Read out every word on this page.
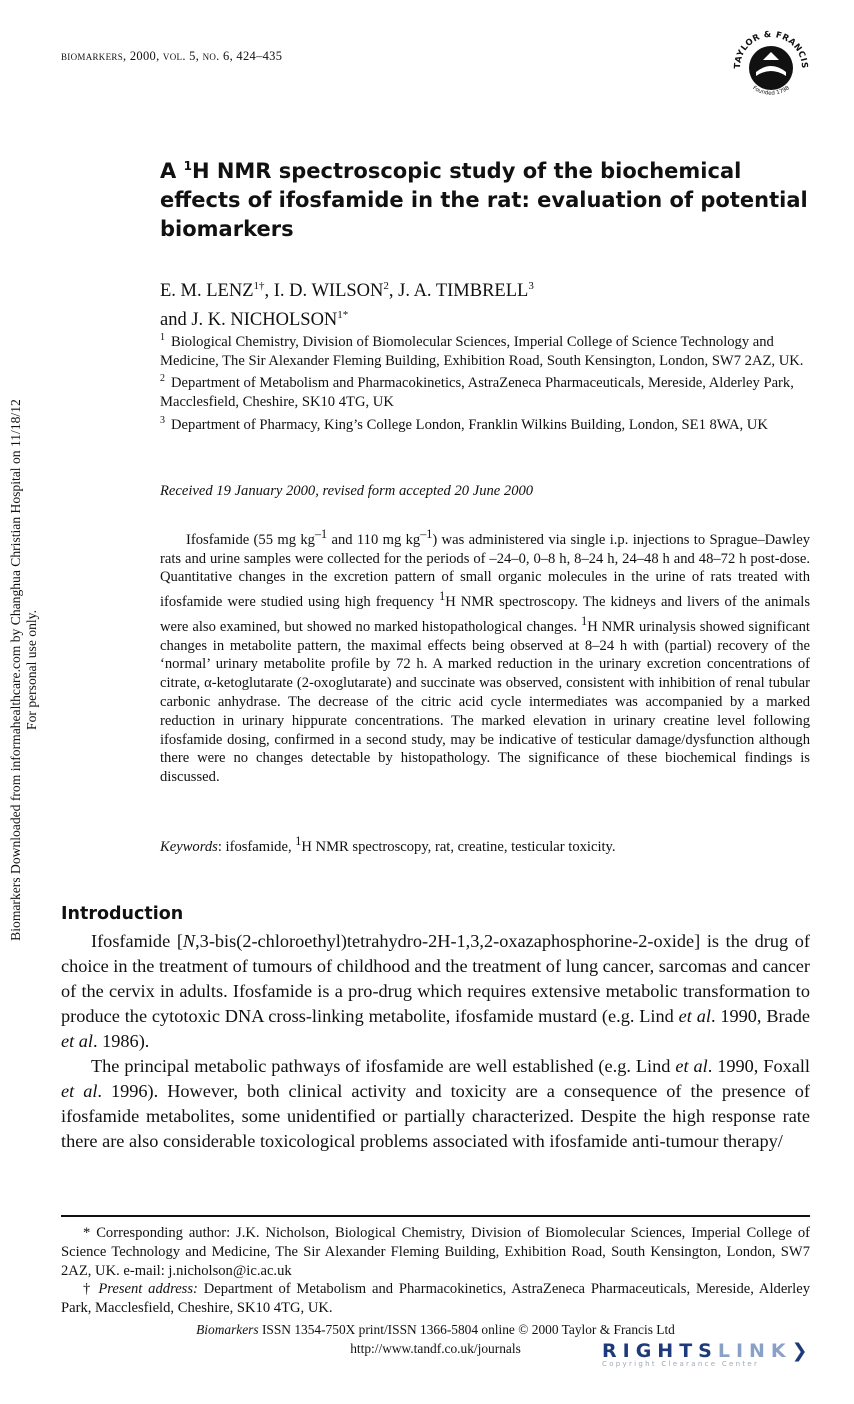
biomarkers, 2000, vol. 5, no. 6, 424–435
TAYLOR & FRANCIS
Founded 1798
Biomarkers Downloaded from informahealthcare.com by Changhua Christian Hospital on 11/18/12 For personal use only.
A $^1$H NMR spectroscopic study of the biochemical effects of ifosfamide in the rat: evaluation of potential biomarkers
E. M. $LENZ^{1\dagger}$, I. D. WILSON$^2$, J. A. TIMBRELL$^3$
and J. K. $NICHOLSON^{1*}$
$^1$ Biological Chemistry, Division of Biomolecular Sciences, Imperial College of Science Technology and Medicine, The Sir Alexander Fleming Building, Exhibition Road, South Kensington, London, SW7 2AZ, UK.
$^2$ Department of Metabolism and Pharmacokinetics, AstraZeneca Pharmaceuticals, Mereside, Alderley Park, Macclesfield, Cheshire, SK10 4TG, UK
$^3$ Department of Pharmacy, King’s College London, Franklin Wilkins Building, London, SE1 8WA, UK
Received 19 January 2000, revised form accepted 20 June 2000

Ifosfamide (55 mg $kg^{-1}$ and 110 mg $kg^{-1}$) was administered via single i.p. injections to Sprague–Dawley rats and urine samples were collected for the periods of –24–0, 0–8 h, 8–24 h, 24–48 h and 48–72 h post-dose. Quantitative changes in the excretion pattern of small organic molecules in the urine of rats treated with ifosfamide were studied using high frequency $^1$H NMR spectroscopy. The kidneys and livers of the animals were also examined, but showed no marked histopathological changes. $^1$H NMR urinalysis showed significant changes in metabolite pattern, the maximal effects being observed at 8–24 h with (partial) recovery of the ‘normal’ urinary metabolite profile by 72 h. A marked reduction in the urinary excretion concentrations of citrate, α-ketoglutarate (2-oxoglutarate) and succinate was observed, consistent with inhibition of renal tubular carbonic anhydrase. The decrease of the citric acid cycle intermediates was accompanied by a marked reduction in urinary hippurate concentrations. The marked elevation in urinary creatine level following ifosfamide dosing, confirmed in a second study, may be indicative of testicular damage/dysfunction although there were no changes detectable by histopathology. The significance of these biochemical findings is discussed.

Keywords: ifosfamide, $^1$H NMR spectroscopy, rat, creatine, testicular toxicity.
Introduction

Ifosfamide [N,3-bis(2-chloroethyl)tetrahydro-2H-1,3,2-oxazaphosphorine-2-oxide] is the drug of choice in the treatment of tumours of childhood and the treatment of lung cancer, sarcomas and cancer of the cervix in adults. Ifosfamide is a pro-drug which requires extensive metabolic transformation to produce the cytotoxic DNA cross-linking metabolite, ifosfamide mustard (e.g. Lind et al. 1990, Brade et al. 1986).

The principal metabolic pathways of ifosfamide are well established (e.g. Lind et al. 1990, Foxall et al. 1996). However, both clinical activity and toxicity are a consequence of the presence of ifosfamide metabolites, some unidentified or partially characterized. Despite the high response rate there are also considerable toxicological problems associated with ifosfamide anti-tumour therapy/

* Corresponding author: J.K. Nicholson, Biological Chemistry, Division of Biomolecular Sciences, Imperial College of Science Technology and Medicine, The Sir Alexander Fleming Building, Exhibition Road, South Kensington, London, SW7 2AZ, UK. e-mail: j.nicholson@ic.ac.uk

† Present address: Department of Metabolism and Pharmacokinetics, AstraZeneca Pharmaceuticals, Mereside, Alderley Park, Macclesfield, Cheshire, SK10 4TG, UK.

Biomarkers ISSN 1354-750X print/ISSN 1366-5804 online © 2000 Taylor & Francis Ltd
http://www.tandf.co.uk/journals	RIGHTSLINK❯
Copyright Clearance Center
